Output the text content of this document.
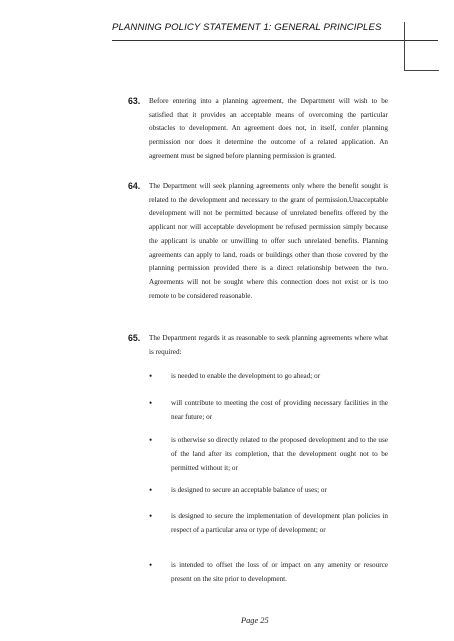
PLANNING POLICY STATEMENT 1: GENERAL PRINCIPLES
63. Before entering into a planning agreement, the Department will wish to be satisfied that it provides an acceptable means of overcoming the particular obstacles to development. An agreement does not, in itself, confer planning permission nor does it determine the outcome of a related application. An agreement must be signed before planning permission is granted.
64. The Department will seek planning agreements only where the benefit sought is related to the development and necessary to the grant of permission.Unacceptable development will not be permitted because of unrelated benefits offered by the applicant nor will acceptable development be refused permission simply because the applicant is unable or unwilling to offer such unrelated benefits. Planning agreements can apply to land, roads or buildings other than those covered by the planning permission provided there is a direct relationship between the two. Agreements will not be sought where this connection does not exist or is too remote to be considered reasonable.
65. The Department regards it as reasonable to seek planning agreements where what is required:
•	is needed to enable the development to go ahead; or
•	will contribute to meeting the cost of providing necessary facilities in the near future; or
•	is otherwise so directly related to the proposed development and to the use of the land after its completion, that the development ought not to be permitted without it; or
•	is designed to secure an acceptable balance of uses; or
•	is designed to secure the implementation of development plan policies in respect of a particular area or type of development; or
•	is intended to offset the loss of or impact on any amenity or resource present on the site prior to development.
Page 25
